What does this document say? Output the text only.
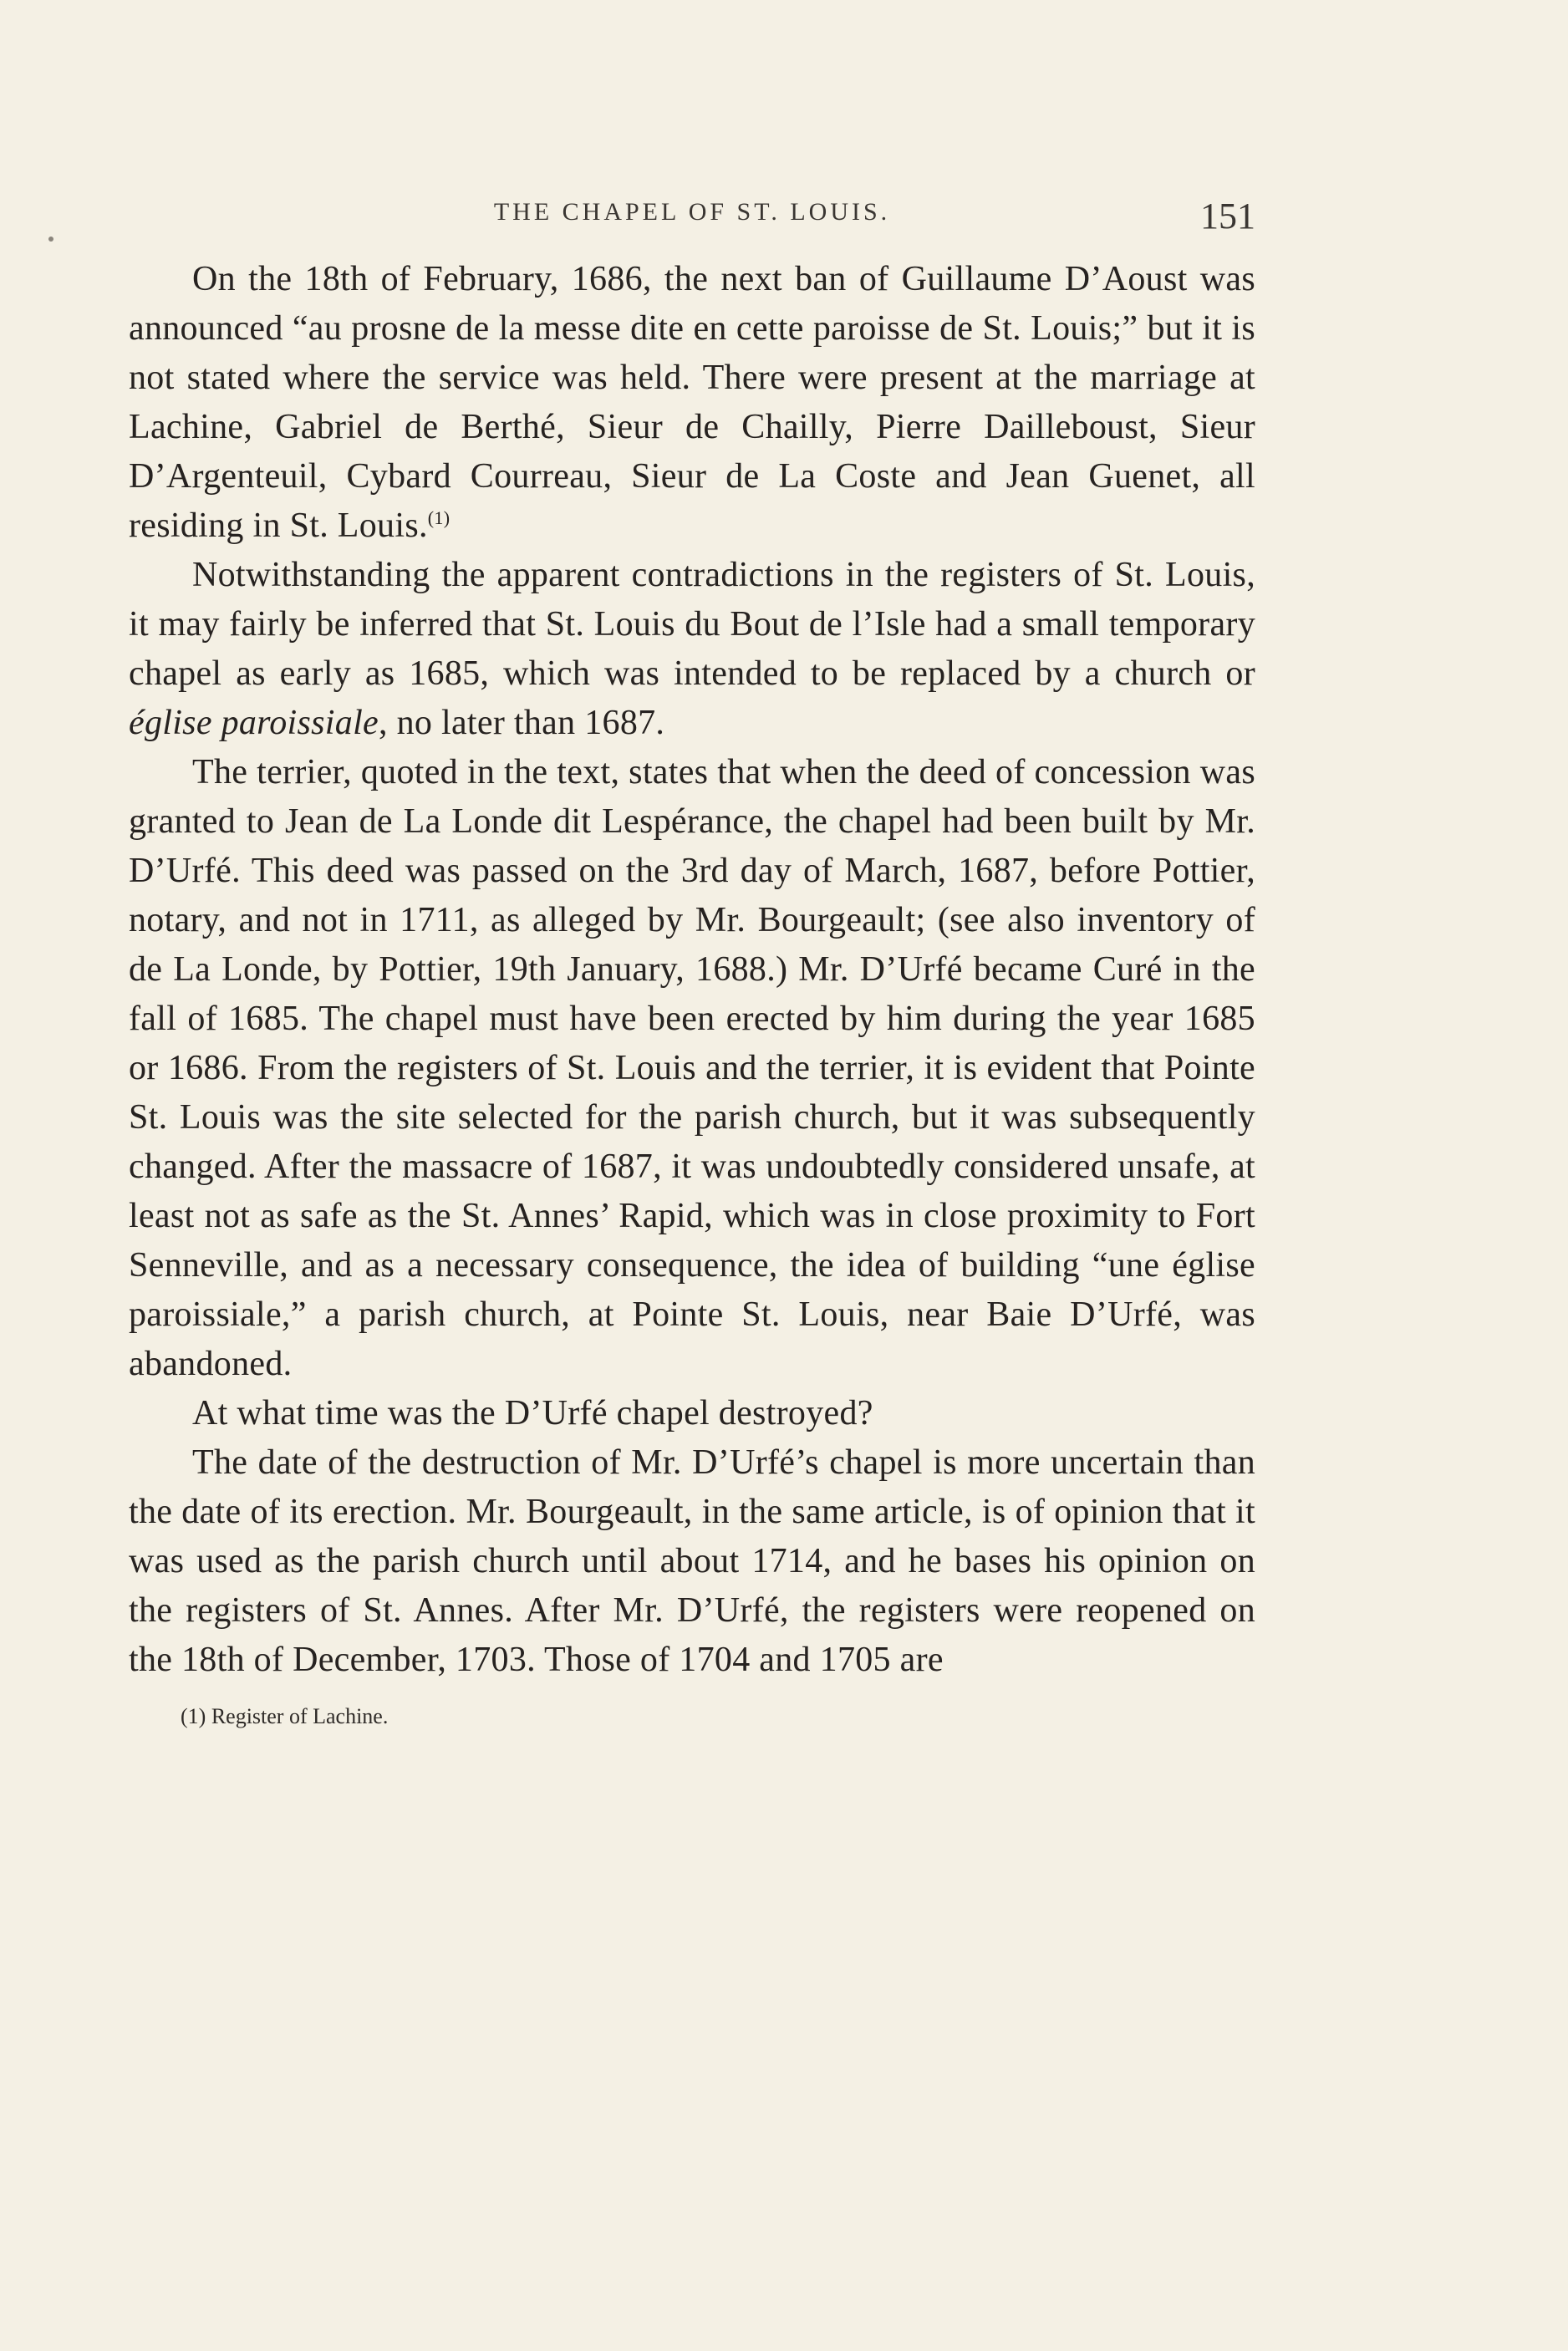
THE CHAPEL OF ST. LOUIS.	151

On the 18th of February, 1686, the next ban of Guillaume D’Aoust was announced “au prosne de la messe dite en cette paroisse de St. Louis;” but it is not stated where the service was held. There were present at the marriage at Lachine, Gabriel de Berthé, Sieur de Chailly, Pierre Dailleboust, Sieur D’Argenteuil, Cybard Courreau, Sieur de La Coste and Jean Guenet, all residing in St. Louis.$^{(1)}$

Notwithstanding the apparent contradictions in the registers of St. Louis, it may fairly be inferred that St. Louis du Bout de l’Isle had a small temporary chapel as early as 1685, which was intended to be replaced by a church or église paroissiale, no later than 1687.

The terrier, quoted in the text, states that when the deed of concession was granted to Jean de La Londe dit Lespérance, the chapel had been built by Mr. D’Urfé. This deed was passed on the 3rd day of March, 1687, before Pottier, notary, and not in 1711, as alleged by Mr. Bourgeault; (see also inventory of de La Londe, by Pottier, 19th January, 1688.) Mr. D’Urfé became Curé in the fall of 1685. The chapel must have been erected by him during the year 1685 or 1686. From the registers of St. Louis and the terrier, it is evident that Pointe St. Louis was the site selected for the parish church, but it was subsequently changed. After the massacre of 1687, it was undoubtedly considered unsafe, at least not as safe as the St. Annes’ Rapid, which was in close proximity to Fort Senneville, and as a necessary consequence, the idea of building “une église paroissiale,” a parish church, at Pointe St. Louis, near Baie D’Urfé, was abandoned.

At what time was the D’Urfé chapel destroyed?

The date of the destruction of Mr. D’Urfé’s chapel is more uncertain than the date of its erection. Mr. Bourgeault, in the same article, is of opinion that it was used as the parish church until about 1714, and he bases his opinion on the registers of St. Annes. After Mr. D’Urfé, the registers were reopened on the 18th of December, 1703. Those of 1704 and 1705 are

(1) Register of Lachine.
